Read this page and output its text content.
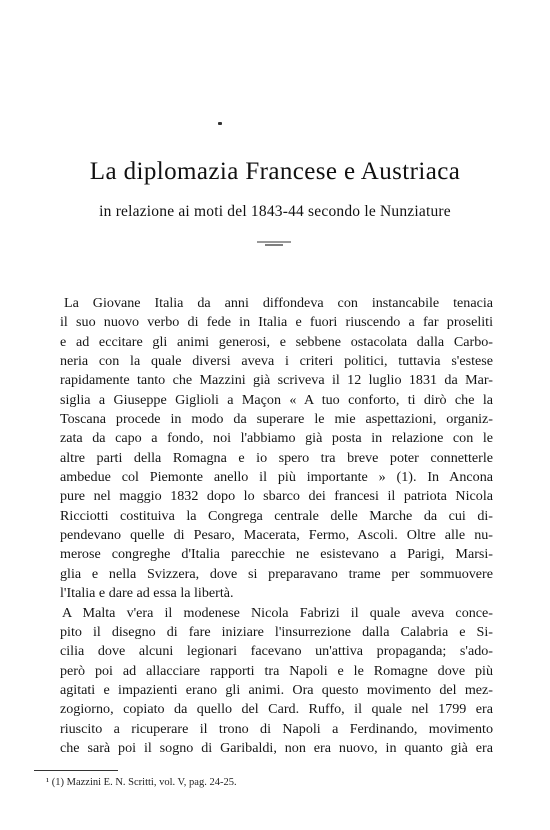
La diplomazia Francese e Austriaca

in relazione ai moti del 1843-44 secondo le Nunziature

La Giovane Italia da anni diffondeva con instancabile tenacia
il suo nuovo verbo di fede in Italia e fuori riuscendo a far proseliti
e ad eccitare gli animi generosi, e sebbene ostacolata dalla Carbo-
neria con la quale diversi aveva i criteri politici, tuttavia s'estese
rapidamente tanto che Mazzini già scriveva il 12 luglio 1831 da Mar-
siglia a Giuseppe Giglioli a Maçon « A tuo conforto, ti dirò che la
Toscana procede in modo da superare le mie aspettazioni, organiz-
zata da capo a fondo, noi l'abbiamo già posta in relazione con le
altre parti della Romagna e io spero tra breve poter connetterle
ambedue col Piemonte anello il più importante » (1). In Ancona
pure nel maggio 1832 dopo lo sbarco dei francesi il patriota Nicola
Ricciotti costituiva la Congrega centrale delle Marche da cui di-
pendevano quelle di Pesaro, Macerata, Fermo, Ascoli. Oltre alle nu-
merose congreghe d'Italia parecchie ne esistevano a Parigi, Marsi-
glia e nella Svizzera, dove si preparavano trame per sommuovere
l'Italia e dare ad essa la libertà.
A Malta v'era il modenese Nicola Fabrizi il quale aveva conce-
pito il disegno di fare iniziare l'insurrezione dalla Calabria e Si-
cilia dove alcuni legionari facevano un'attiva propaganda; s'ado-
però poi ad allacciare rapporti tra Napoli e le Romagne dove più
agitati e impazienti erano gli animi. Ora questo movimento del mez-
zogiorno, copiato da quello del Card. Ruffo, il quale nel 1799 era
riuscito a ricuperare il trono di Napoli a Ferdinando, movimento
che sarà poi il sogno di Garibaldi, non era nuovo, in quanto già era
¹ (1) Mazzini E. N. Scritti, vol. V, pag. 24-25.
